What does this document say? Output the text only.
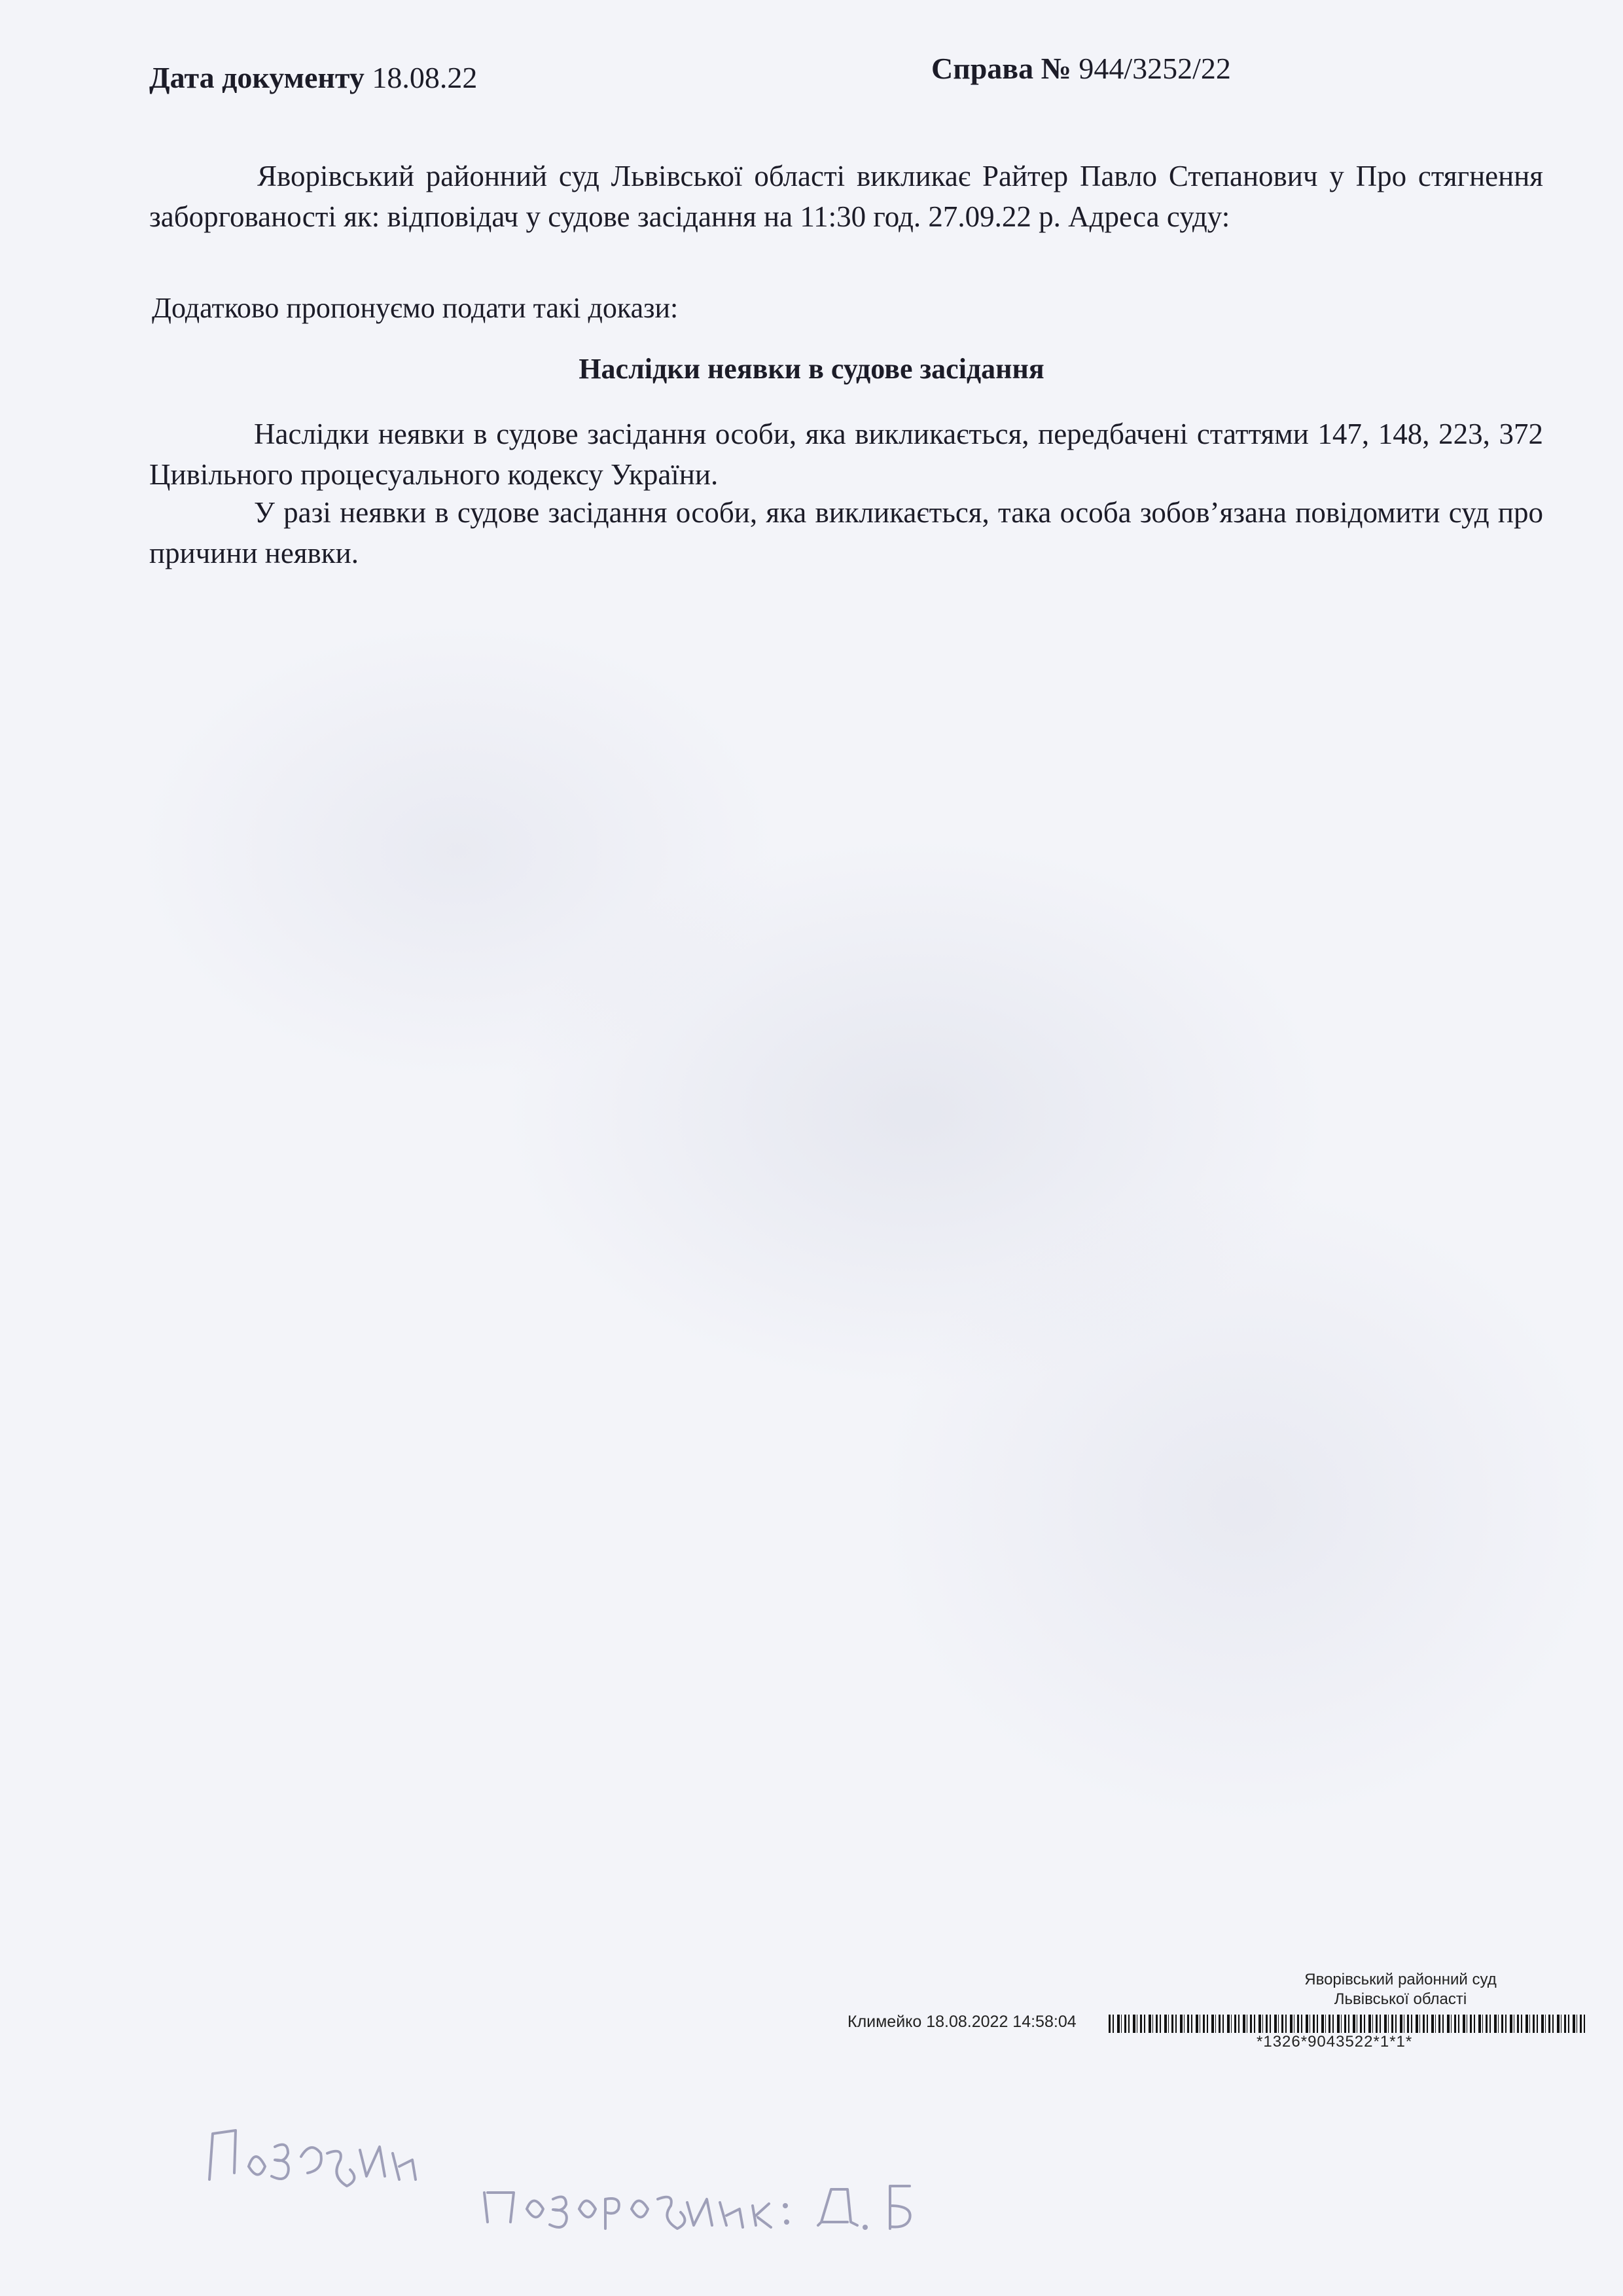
Дата документу 18.08.22	Справа № 944/3252/22
Яворівський районний суд Львівської області викликає Райтер Павло Степанович у Про стягнення заборгованості як: відповідач у судове засідання на 11:30 год. 27.09.22 р. Адреса суду:
Додатково пропонуємо подати такі докази:
Наслідки неявки в судове засідання
Наслідки неявки в судове засідання особи, яка викликається, передбачені статтями 147, 148, 223, 372 Цивільного процесуального кодексу України.
У разі неявки в судове засідання особи, яка викликається, така особа зобов’язана повідомити суд про причини неявки.
Яворівський районний суд
Львівської області
Климейко 18.08.2022 14:58:04
*1326*9043522*1*1*
